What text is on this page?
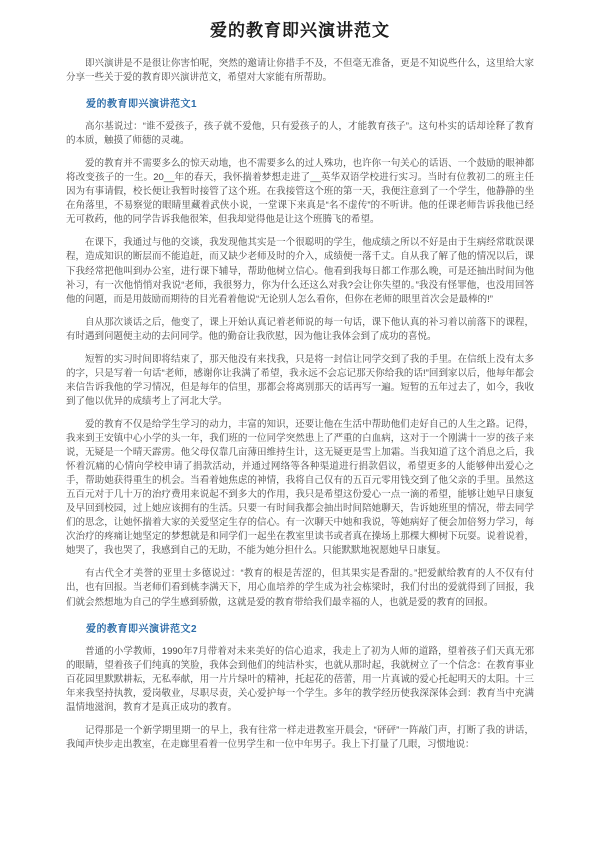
爱的教育即兴演讲范文

即兴演讲是不是很让你害怕呢，突然的邀请让你措手不及，不但毫无准备，更是不知说些什么，这里给大家分享一些关于爱的教育即兴演讲范文，希望对大家能有所帮助。

爱的教育即兴演讲范文1

高尔基说过：“谁不爱孩子，孩子就不爱他，只有爱孩子的人，才能教育孩子”。这句朴实的话却诠释了教育的本质，触摸了师德的灵魂。

爱的教育并不需要多么的惊天动地，也不需要多么的过人殊功，也许你一句关心的话语、一个鼓励的眼神都将改变孩子的一生。20__年的春天，我怀揣着梦想走进了__英华双语学校进行实习。当时有位教初二的班主任因为有事请假，校长便让我暂时接管了这个班。在我接管这个班的第一天，我便注意到了一个学生，他静静的坐在角落里，不易察觉的眼睛里藏着武侠小说，一堂课下来真是“名不虚传”的不听讲。他的任课老师告诉我他已经无可救药，他的同学告诉我他很笨，但我却觉得他是让这个班腾飞的希望。

在课下，我通过与他的交谈，我发现他其实是一个很聪明的学生，他成绩之所以不好是由于生病经常耽误课程，造成知识的断层而不能追赶，而又缺少老师及时的介入，成绩便一落千丈。自从我了解了他的情况以后，课下我经常把他叫到办公室，进行课下辅导，帮助他树立信心。他看到我每日都工作那么晚，可是还抽出时间为他补习，有一次他悄悄对我说“老师，我很努力，你为什么还这么对我?会让你失望的。”我没有怪罪他，也没用回答他的问题，而是用鼓励而期待的目光看着他说“无论别人怎么看你，但你在老师的眼里首次会是最棒的!”

自从那次谈话之后，他变了，课上开始认真记着老师说的每一句话，课下他认真的补习着以前落下的课程，有时遇到问题便主动的去问同学。他的勤奋让我欣慰，因为他让我体会到了成功的喜悦。

短暂的实习时间即将结束了，那天他没有来找我，只是将一封信让同学交到了我的手里。在信纸上没有太多的字，只是写着一句话“老师，感谢你让我满了希望，我永远不会忘记那天你给我的话!”回到家以后，他每年都会来信告诉我他的学习情况，但是每年的信里，那都会将离别那天的话再写一遍。短暂的五年过去了，如今，我收到了他以优异的成绩考上了河北大学。

爱的教育不仅是给学生学习的动力，丰富的知识，还要让他在生活中帮助他们走好自己的人生之路。记得，我来到王安镇中心小学的头一年，我们班的一位同学突然患上了严重的白血病，这对于一个刚满十一岁的孩子来说，无疑是一个晴天霹雳。他父母仅靠几亩薄田维持生计，这无疑更是雪上加霜。当我知道了这个消息之后，我怀着沉痛的心情向学校申请了捐款活动，并通过网络等各种渠道进行捐款倡议，希望更多的人能够伸出爱心之手，帮助她获得重生的机会。当看着她焦虑的神情，我将自己仅有的五百元零用钱交到了他父亲的手里。虽然这五百元对于几十万的治疗费用来说起不到多大的作用，我只是希望这份爱心一点一滴的希望，能够让她早日康复及早回到校园，过上她应该拥有的生活。只要一有时间我都会抽出时间陪她聊天，告诉她班里的情况，带去同学们的思念，让她怀揣着大家的关爱坚定生存的信心。有一次聊天中她和我说，等她病好了便会加倍努力学习，每次治疗的疼痛让她坚定的梦想就是和同学们一起坐在教室里读书或者真在操场上那棵大柳树下玩耍。说着说着，她哭了，我也哭了，我感到自己的无助，不能为她分担什么。只能默默地祝愿她早日康复。

有古代全才美誉的亚里士多德说过：“教育的根是苦涩的，但其果实是香甜的。”把爱献给教育的人不仅有付出，也有回报。当老师们看到桃李满天下，用心血培养的学生成为社会栋梁时，我们付出的爱就得到了回报，我们就会然想地为自己的学生感到骄傲，这就是爱的教育带给我们最幸福的人，也就是爱的教育的回报。

爱的教育即兴演讲范文2

普通的小学教师，1990年7月带着对未来美好的信心追求，我走上了初为人师的道路，望着孩子们天真无邪的眼睛，望着孩子们纯真的笑脸，我体会到他们的纯洁朴实，也就从那时起，我就树立了一个信念：在教育事业百花园里默默耕耘，无私奉献，用一片片绿叶的精神，托起花的蓓蕾，用一片真诚的爱心托起明天的太阳。十三年来我坚持执教，爱岗敬业，尽职尽责，关心爱护每一个学生。多年的教学经历使我深深体会到：教育当中充满温情地滋润，教育才是真正成功的教育。

记得那是一个新学期里期一的早上，我有往常一样走进教室开晨会，“砰砰”一阵敲门声，打断了我的讲话，我闻声快步走出教室，在走廊里看着一位男学生和一位中年男子。我上下打量了几眼，习惯地说：
